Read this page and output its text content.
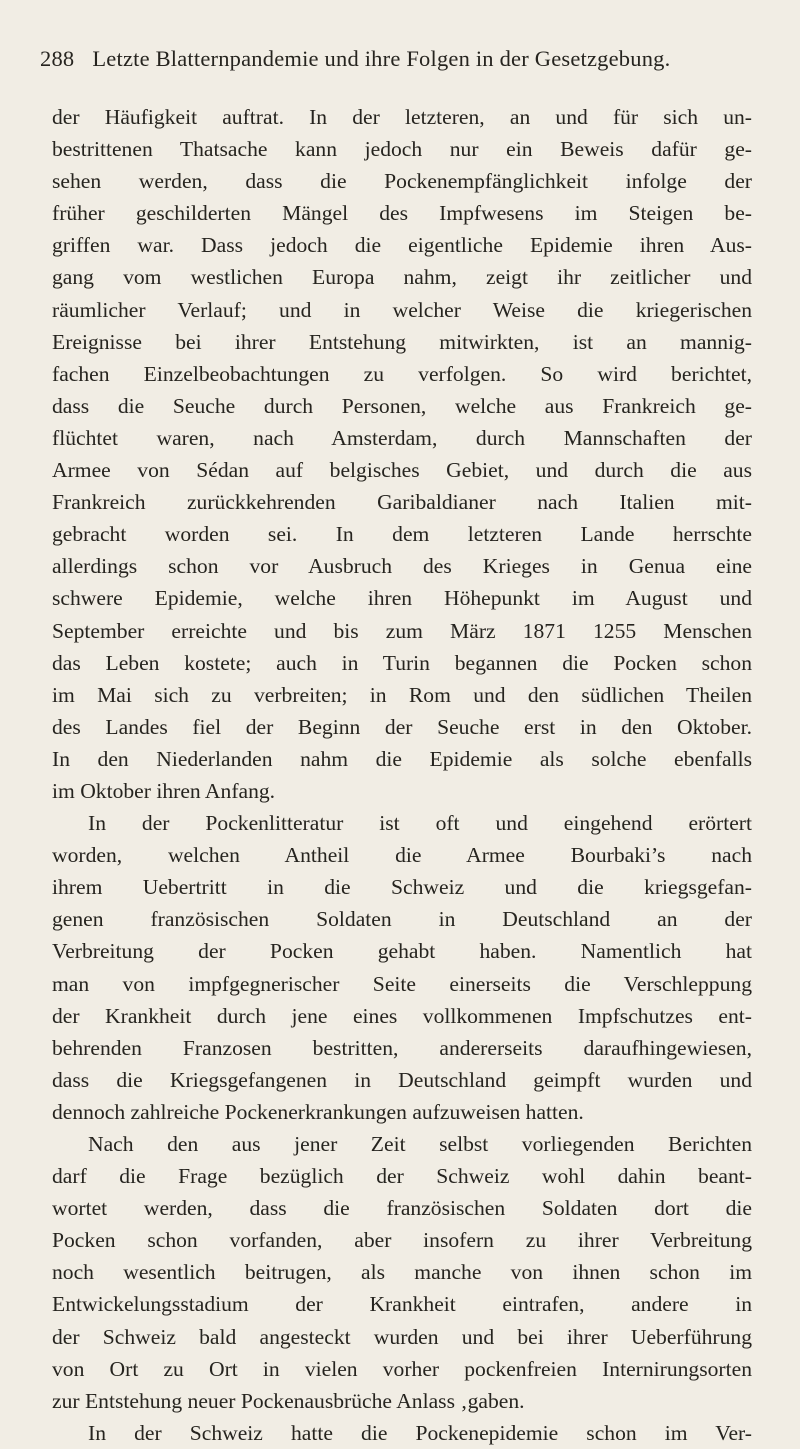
288 Letzte Blatternpandemie und ihre Folgen in der Gesetzgebung.
der Häufigkeit auftrat. In der letzteren, an und für sich un-
bestrittenen Thatsache kann jedoch nur ein Beweis dafür ge-
sehen werden, dass die Pockenempfänglichkeit infolge der
früher geschilderten Mängel des Impfwesens im Steigen be-
griffen war. Dass jedoch die eigentliche Epidemie ihren Aus-
gang vom westlichen Europa nahm, zeigt ihr zeitlicher und
räumlicher Verlauf; und in welcher Weise die kriegerischen
Ereignisse bei ihrer Entstehung mitwirkten, ist an mannig-
fachen Einzelbeobachtungen zu verfolgen. So wird berichtet,
dass die Seuche durch Personen, welche aus Frankreich ge-
flüchtet waren, nach Amsterdam, durch Mannschaften der
Armee von Sédan auf belgisches Gebiet, und durch die aus
Frankreich zurückkehrenden Garibaldianer nach Italien mit-
gebracht worden sei. In dem letzteren Lande herrschte
allerdings schon vor Ausbruch des Krieges in Genua eine
schwere Epidemie, welche ihren Höhepunkt im August und
September erreichte und bis zum März 1871 1255 Menschen
das Leben kostete; auch in Turin begannen die Pocken schon
im Mai sich zu verbreiten; in Rom und den südlichen Theilen
des Landes fiel der Beginn der Seuche erst in den Oktober.
In den Niederlanden nahm die Epidemie als solche ebenfalls
im Oktober ihren Anfang.
In der Pockenlitteratur ist oft und eingehend erörtert
worden, welchen Antheil die Armee Bourbaki’s nach
ihrem Uebertritt in die Schweiz und die kriegsgefan-
genen französischen Soldaten in Deutschland an der
Verbreitung der Pocken gehabt haben. Namentlich hat
man von impfgegnerischer Seite einerseits die Verschleppung
der Krankheit durch jene eines vollkommenen Impfschutzes ent-
behrenden Franzosen bestritten, andererseits daraufhingewiesen,
dass die Kriegsgefangenen in Deutschland geimpft wurden und
dennoch zahlreiche Pockenerkrankungen aufzuweisen hatten.
Nach den aus jener Zeit selbst vorliegenden Berichten
darf die Frage bezüglich der Schweiz wohl dahin beant-
wortet werden, dass die französischen Soldaten dort die
Pocken schon vorfanden, aber insofern zu ihrer Verbreitung
noch wesentlich beitrugen, als manche von ihnen schon im
Entwickelungsstadium der Krankheit eintrafen, andere in
der Schweiz bald angesteckt wurden und bei ihrer Ueberführung
von Ort zu Ort in vielen vorher pockenfreien Internirungsorten
zur Entstehung neuer Pockenausbrüche Anlass ‚gaben.
In der Schweiz hatte die Pockenepidemie schon im Ver-
